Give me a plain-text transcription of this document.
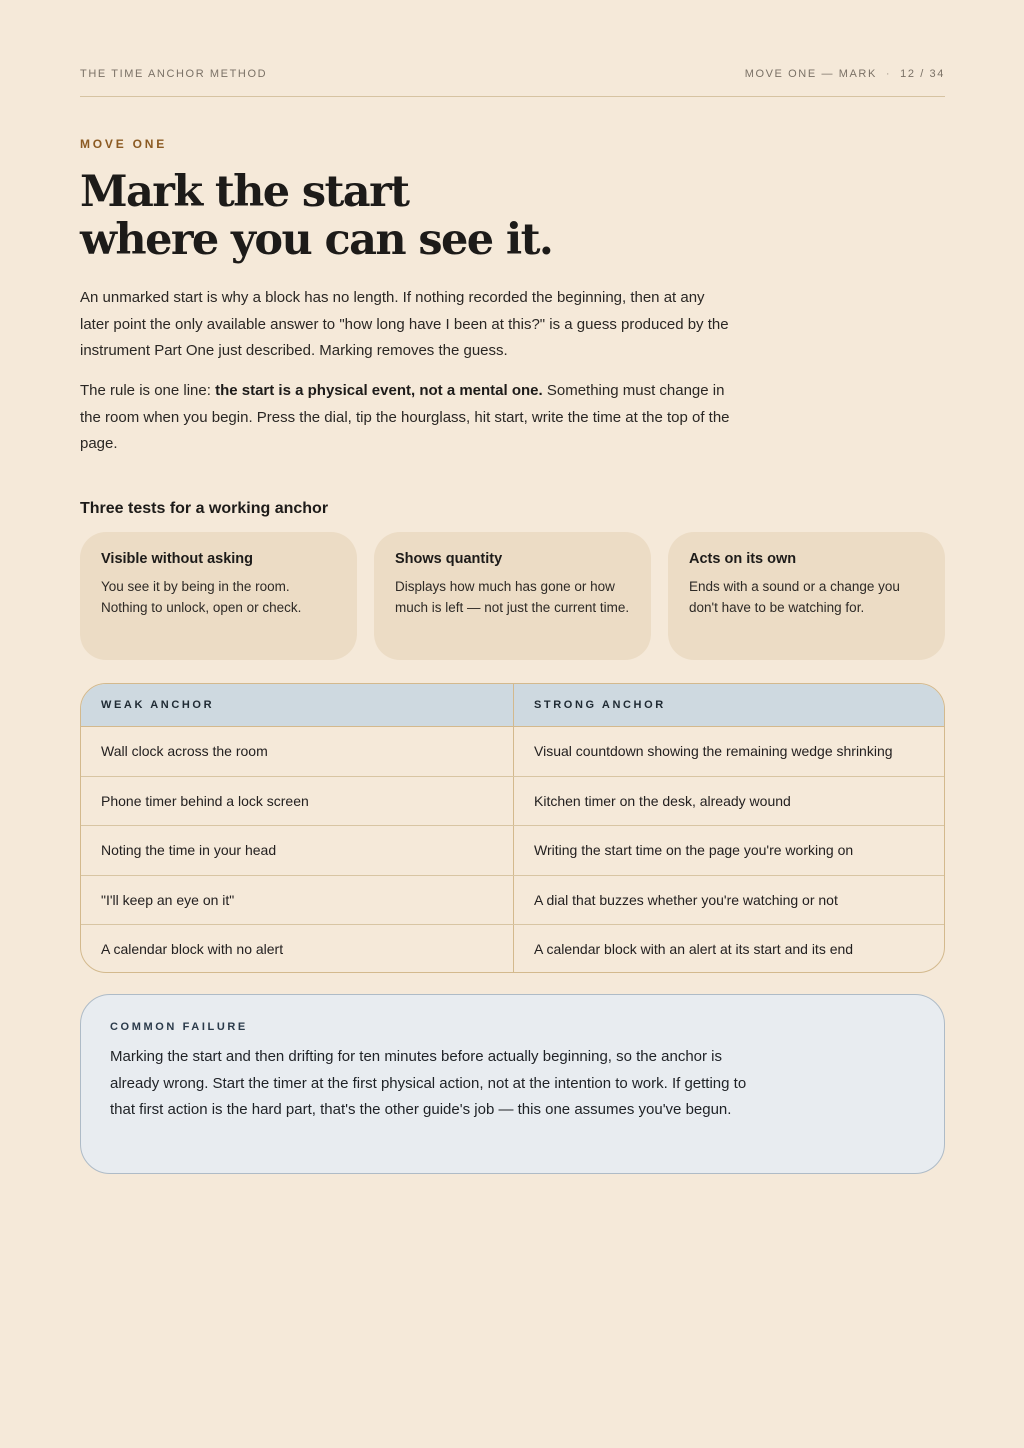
THE TIME ANCHOR METHOD	MOVE ONE — MARK · 12 / 34
MOVE ONE
Mark the start
where you can see it.

An unmarked start is why a block has no length. If nothing recorded the beginning, then at any later point the only available answer to "how long have I been at this?" is a guess produced by the instrument Part One just described. Marking removes the guess.

The rule is one line: the start is a physical event, not a mental one. Something must change in the room when you begin. Press the dial, tip the hourglass, hit start, write the time at the top of the page.

Three tests for a working anchor
Visible without asking
You see it by being in the room. Nothing to unlock, open or check.
Shows quantity
Displays how much has gone or how much is left — not just the current time.
Acts on its own
Ends with a sound or a change you don't have to be watching for.
WEAK ANCHOR	STRONG ANCHOR
Wall clock across the room	Visual countdown showing the remaining wedge shrinking
Phone timer behind a lock screen	Kitchen timer on the desk, already wound
Noting the time in your head	Writing the start time on the page you're working on
"I'll keep an eye on it"	A dial that buzzes whether you're watching or not
A calendar block with no alert	A calendar block with an alert at its start and its end
COMMON FAILURE

Marking the start and then drifting for ten minutes before actually beginning, so the anchor is already wrong. Start the timer at the first physical action, not at the intention to work. If getting to that first action is the hard part, that's the other guide's job — this one assumes you've begun.
